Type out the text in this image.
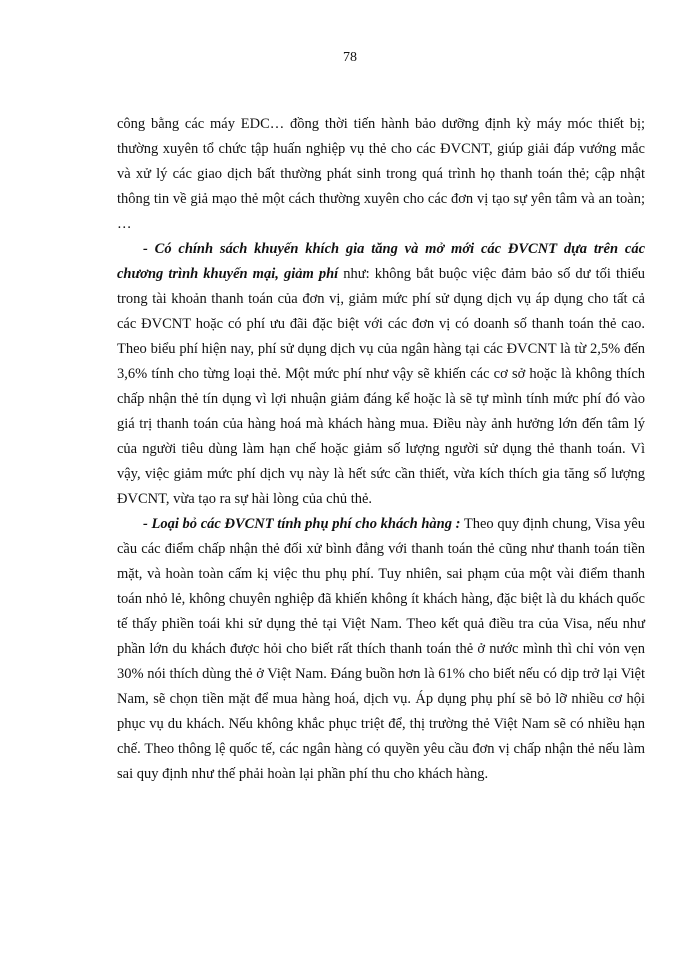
78

công bằng các máy EDC… đồng thời tiến hành bảo dưỡng định kỳ máy móc thiết bị; thường xuyên tổ chức tập huấn nghiệp vụ thẻ cho các ĐVCNT, giúp giải đáp vướng mắc và xử lý các giao dịch bất thường phát sinh trong quá trình họ thanh toán thẻ; cập nhật thông tin về giả mạo thẻ một cách thường xuyên cho các đơn vị tạo sự yên tâm và an toàn; …

- Có chính sách khuyến khích gia tăng và mở mới các ĐVCNT dựa trên các chương trình khuyến mại, giảm phí như: không bắt buộc việc đảm bảo số dư tối thiểu trong tài khoản thanh toán của đơn vị, giảm mức phí sử dụng dịch vụ áp dụng cho tất cả các ĐVCNT hoặc có phí ưu đãi đặc biệt với các đơn vị có doanh số thanh toán thẻ cao. Theo biểu phí hiện nay, phí sử dụng dịch vụ của ngân hàng tại các ĐVCNT là từ 2,5% đến 3,6% tính cho từng loại thẻ. Một mức phí như vậy sẽ khiến các cơ sở hoặc là không thích chấp nhận thẻ tín dụng vì lợi nhuận giảm đáng kể hoặc là sẽ tự mình tính mức phí đó vào giá trị thanh toán của hàng hoá mà khách hàng mua. Điều này ảnh hưởng lớn đến tâm lý của người tiêu dùng làm hạn chế hoặc giảm số lượng người sử dụng thẻ thanh toán. Vì vậy, việc giảm mức phí dịch vụ này là hết sức cần thiết, vừa kích thích gia tăng số lượng ĐVCNT, vừa tạo ra sự hài lòng của chủ thẻ.

- Loại bỏ các ĐVCNT tính phụ phí cho khách hàng : Theo quy định chung, Visa yêu cầu các điểm chấp nhận thẻ đối xử bình đẳng với thanh toán thẻ cũng như thanh toán tiền mặt, và hoàn toàn cấm kị việc thu phụ phí. Tuy nhiên, sai phạm của một vài điểm thanh toán nhỏ lẻ, không chuyên nghiệp đã khiến không ít khách hàng, đặc biệt là du khách quốc tế thấy phiền toái khi sử dụng thẻ tại Việt Nam. Theo kết quả điều tra của Visa, nếu như phần lớn du khách được hỏi cho biết rất thích thanh toán thẻ ở nước mình thì chỉ vỏn vẹn 30% nói thích dùng thẻ ở Việt Nam. Đáng buồn hơn là 61% cho biết nếu có dịp trở lại Việt Nam, sẽ chọn tiền mặt để mua hàng hoá, dịch vụ. Áp dụng phụ phí sẽ bỏ lỡ nhiều cơ hội phục vụ du khách. Nếu không khắc phục triệt để, thị trường thẻ Việt Nam sẽ có nhiều hạn chế. Theo thông lệ quốc tế, các ngân hàng có quyền yêu cầu đơn vị chấp nhận thẻ nếu làm sai quy định như thế phải hoàn lại phần phí thu cho khách hàng.
